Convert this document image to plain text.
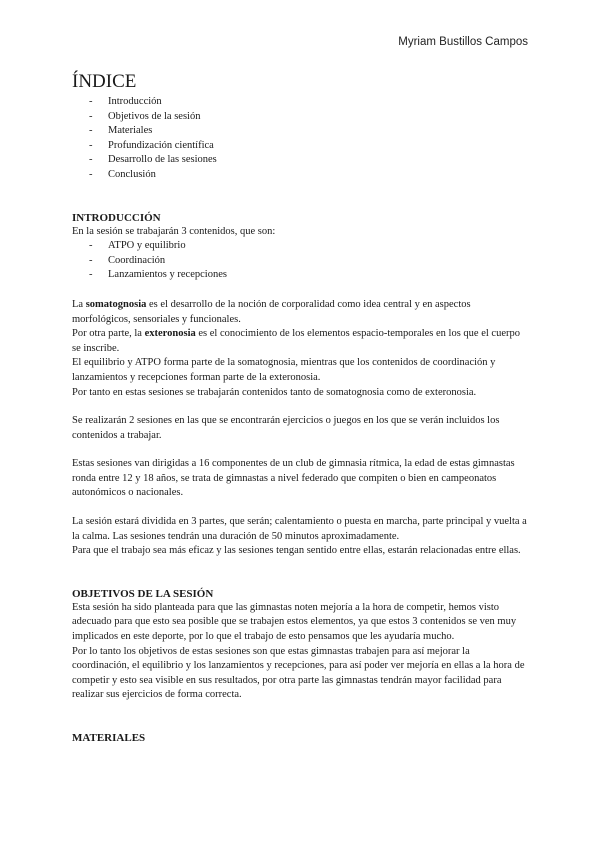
Myriam Bustillos Campos
ÍNDICE
- Introducción
- Objetivos de la sesión
- Materiales
- Profundización científica
- Desarrollo de las sesiones
- Conclusión
INTRODUCCIÓN

En la sesión se trabajarán 3 contenidos, que son:

- ATPO y equilibrio
- Coordinación
- Lanzamientos y recepciones

La somatognosia es el desarrollo de la noción de corporalidad como idea central y en aspectos morfológicos, sensoriales y funcionales.

Por otra parte, la exteronosia es el conocimiento de los elementos espacio-temporales en los que el cuerpo se inscribe.

El equilibrio y ATPO forma parte de la somatognosia, mientras que los contenidos de coordinación y lanzamientos y recepciones forman parte de la exteronosia.

Por tanto en estas sesiones se trabajarán contenidos tanto de somatognosia como de exteronosia.

Se realizarán 2 sesiones en las que se encontrarán ejercicios o juegos en los que se verán incluidos los contenidos a trabajar.

Estas sesiones van dirigidas a 16 componentes de un club de gimnasia rítmica, la edad de estas gimnastas ronda entre 12 y 18 años, se trata de gimnastas a nivel federado que compiten o bien en campeonatos autonómicos o nacionales.

La sesión estará dividida en 3 partes, que serán; calentamiento o puesta en marcha, parte principal y vuelta a la calma. Las sesiones tendrán una duración de 50 minutos aproximadamente.

Para que el trabajo sea más eficaz y las sesiones tengan sentido entre ellas, estarán relacionadas entre ellas.

OBJETIVOS DE LA SESIÓN

Esta sesión ha sido planteada para que las gimnastas noten mejoría a la hora de competir, hemos visto adecuado para que esto sea posible que se trabajen estos elementos, ya que estos 3 contenidos se ven muy implicados en este deporte, por lo que el trabajo de esto pensamos que les ayudaría mucho.

Por lo tanto los objetivos de estas sesiones son que estas gimnastas trabajen para así mejorar la coordinación, el equilibrio y los lanzamientos y recepciones, para así poder ver mejoría en ellas a la hora de competir y esto sea visible en sus resultados, por otra parte las gimnastas tendrán mayor facilidad para realizar sus ejercicios de forma correcta.

MATERIALES
